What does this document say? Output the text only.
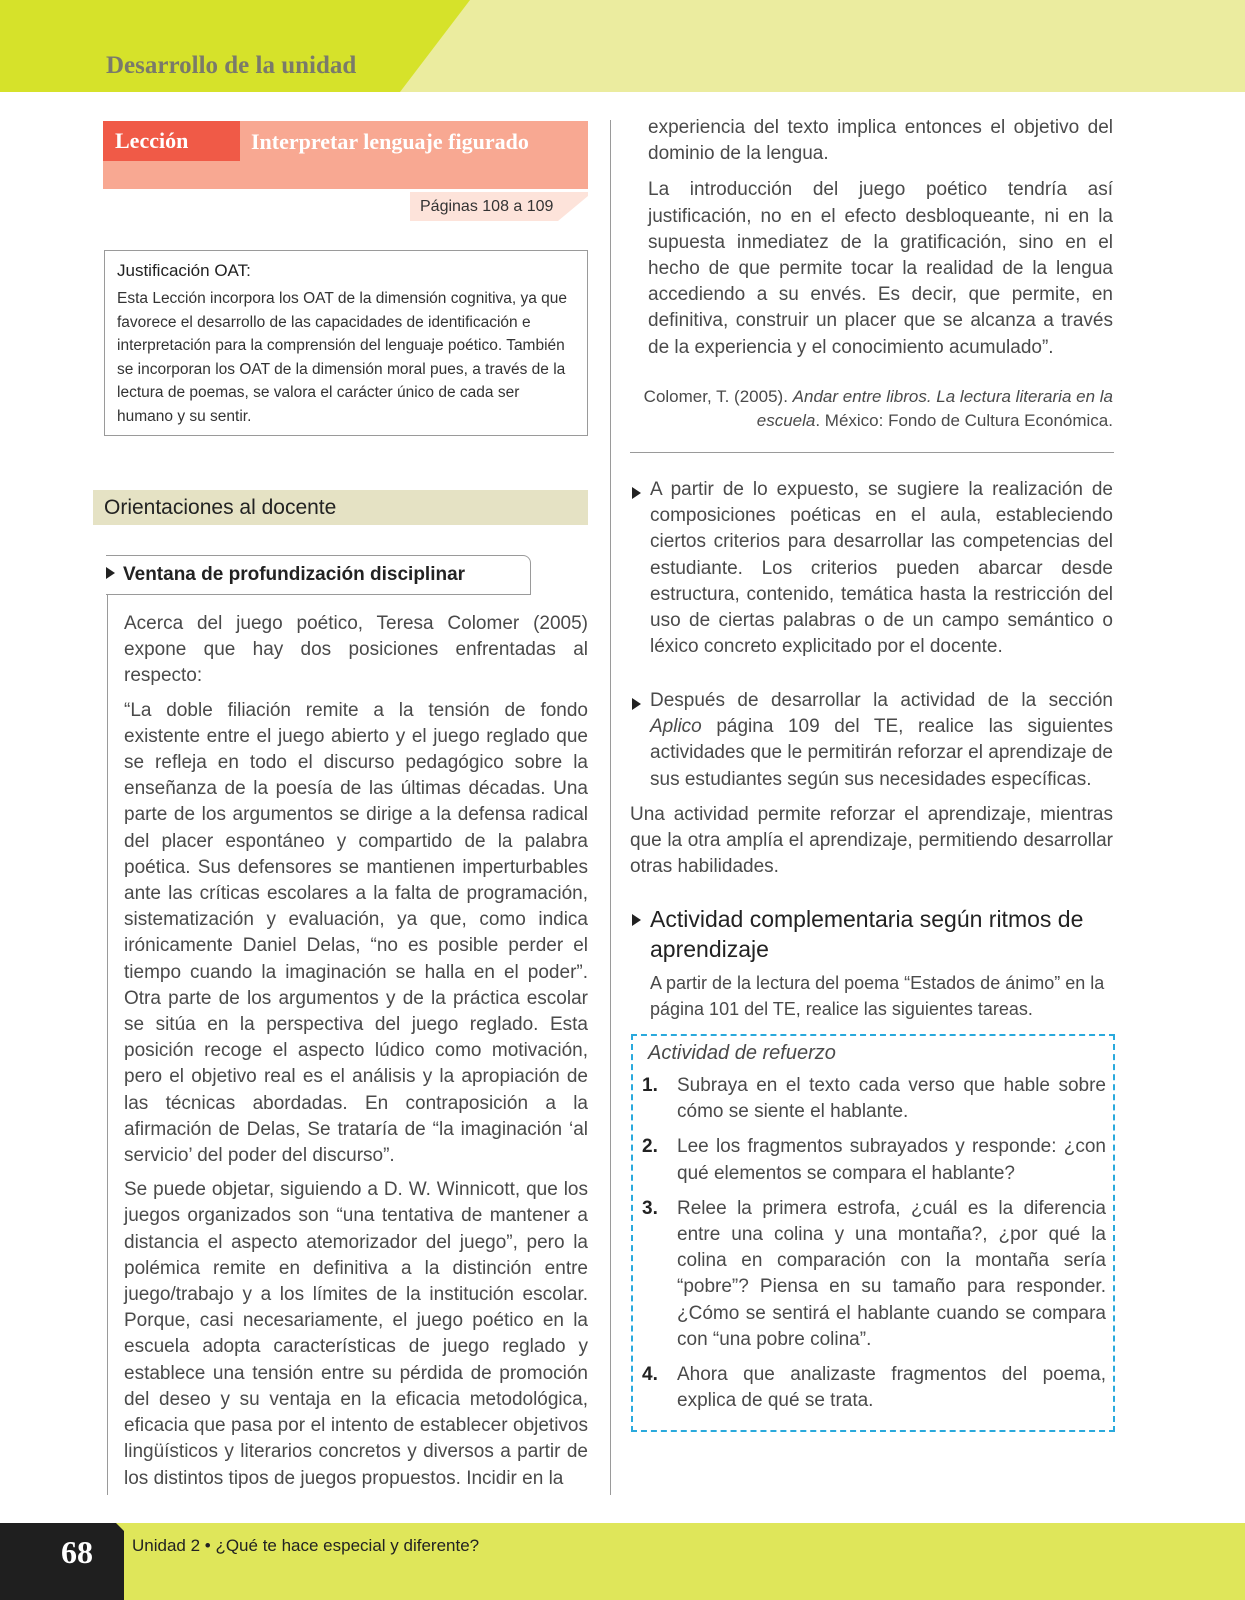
Desarrollo de la unidad
Lección	Interpretar lenguaje figurado
Páginas 108 a 109
Justificación OAT:
Esta Lección incorpora los OAT de la dimensión cognitiva, ya que favorece el desarrollo de las capacidades de identificación e interpretación para la comprensión del lenguaje poético. También se incorporan los OAT de la dimensión moral pues, a través de la lectura de poemas, se valora el carácter único de cada ser humano y su sentir.
Orientaciones al docente
Ventana de profundización disciplinar

Acerca del juego poético, Teresa Colomer (2005) expone que hay dos posiciones enfrentadas al respecto:

“La doble filiación remite a la tensión de fondo existente entre el juego abierto y el juego reglado que se refleja en todo el discurso pedagógico sobre la enseñanza de la poesía de las últimas décadas. Una parte de los argumentos se dirige a la defensa radical del placer espontáneo y compartido de la palabra poética. Sus defensores se mantienen imperturbables ante las críticas escolares a la falta de programación, sistematización y evaluación, ya que, como indica irónicamente Daniel Delas, “no es posible perder el tiempo cuando la imaginación se halla en el poder”. Otra parte de los argumentos y de la práctica escolar se sitúa en la perspectiva del juego reglado. Esta posición recoge el aspecto lúdico como motivación, pero el objetivo real es el análisis y la apropiación de las técnicas abordadas. En contraposición a la afirmación de Delas, Se trataría de “la imaginación ‘al servicio’ del poder del discurso”.

Se puede objetar, siguiendo a D. W. Winnicott, que los juegos organizados son “una tentativa de mantener a distancia el aspecto atemorizador del juego”, pero la polémica remite en definitiva a la distinción entre juego/trabajo y a los límites de la institución escolar. Porque, casi necesariamente, el juego poético en la escuela adopta características de juego reglado y establece una tensión entre su pérdida de promoción del deseo y su ventaja en la eficacia metodológica, eficacia que pasa por el intento de establecer objetivos lingüísticos y literarios concretos y diversos a partir de los distintos tipos de juegos propuestos. Incidir en la

experiencia del texto implica entonces el objetivo del dominio de la lengua.

La introducción del juego poético tendría así justificación, no en el efecto desbloqueante, ni en la supuesta inmediatez de la gratificación, sino en el hecho de que permite tocar la realidad de la lengua accediendo a su envés. Es decir, que permite, en definitiva, construir un placer que se alcanza a través de la experiencia y el conocimiento acumulado”.

Colomer, T. (2005). Andar entre libros. La lectura literaria en la escuela. México: Fondo de Cultura Económica.
A partir de lo expuesto, se sugiere la realización de composiciones poéticas en el aula, estableciendo ciertos criterios para desarrollar las competencias del estudiante. Los criterios pueden abarcar desde estructura, contenido, temática hasta la restricción del uso de ciertas palabras o de un campo semántico o léxico concreto explicitado por el docente.
Después de desarrollar la actividad de la sección Aplico página 109 del TE, realice las siguientes actividades que le permitirán reforzar el aprendizaje de sus estudiantes según sus necesidades específicas.
Una actividad permite reforzar el aprendizaje, mientras que la otra amplía el aprendizaje, permitiendo desarrollar otras habilidades.
Actividad complementaria según ritmos de aprendizaje
A partir de la lectura del poema “Estados de ánimo” en la página 101 del TE, realice las siguientes tareas.
Actividad de refuerzo
1. Subraya en el texto cada verso que hable sobre cómo se siente el hablante.
2. Lee los fragmentos subrayados y responde: ¿con qué elementos se compara el hablante?
3. Relee la primera estrofa, ¿cuál es la diferencia entre una colina y una montaña?, ¿por qué la colina en comparación con la montaña sería “pobre”? Piensa en su tamaño para responder. ¿Cómo se sentirá el hablante cuando se compara con “una pobre colina”.
4. Ahora que analizaste fragmentos del poema, explica de qué se trata.
68	Unidad 2 • ¿Qué te hace especial y diferente?
